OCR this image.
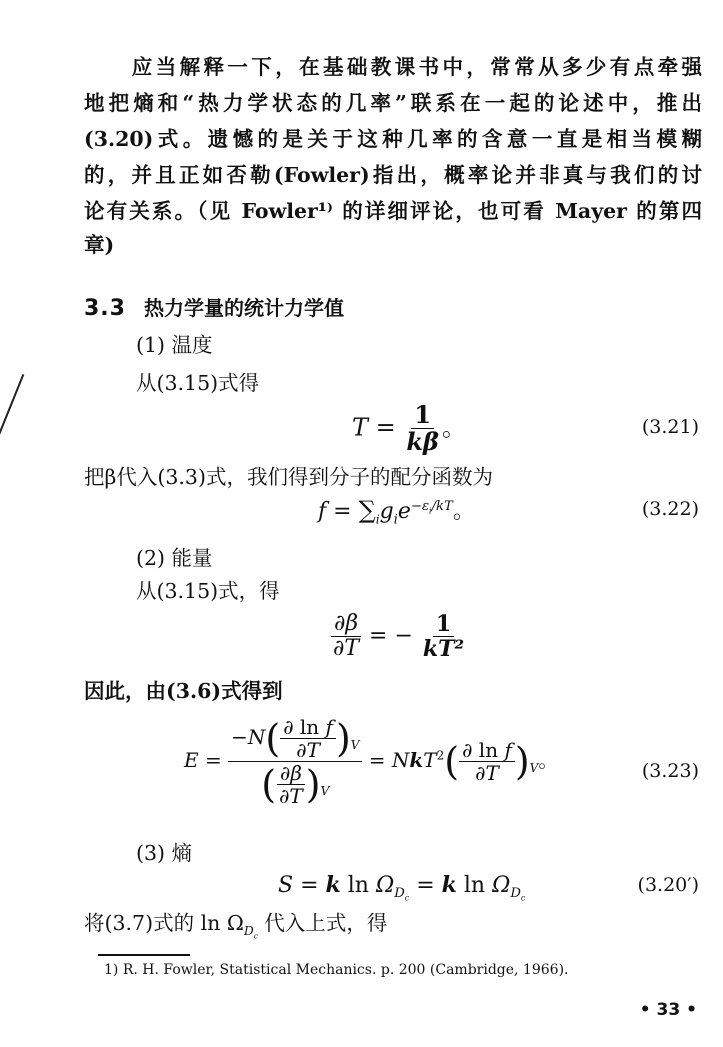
　　应当解释一下，在基础教课书中，常常从多少有点牵强
地把熵和“热力学状态的几率”联系在一起的论述中，推出
(3.20)式。遗憾的是关于这种几率的含意一直是相当模糊
的，并且正如否勒(Fowler)指出，概率论并非真与我们的讨
论有关系。（见 Fowler¹⁾ 的详细评论，也可看 Mayer 的第四
章)
3.3 热力学量的统计力学值
(1) 温度
从(3.15)式得
$T = \frac{1}{k\beta}$ 。	(3.21)
把β代入(3.3)式，我们得到分子的配分函数为
$f = \sum_ig_ie^{-\varepsilon_i/kT}$。	(3.22)
(2) 能量
从(3.15)式，得
$\frac{\partial\beta}{\partial T}$ = − $\frac{1}{\text{kT²}}$
因此，由(3.6)式得到
$E = \frac{-N( \frac{\text{∂ ln f}}{\partial T} )_V}{( \frac{\partial\beta}{\partial T} )_V} = NkT^2( \frac{\text{∂ ln f}}{\partial T} )_V$。	(3.23)
(3) 熵
S = k $\ln \Omega_{D_c} = k$ $\ln \Omega_{D_c}$
(3.20′)
将(3.7)式的 $\ln \Omega_{D_c}$ 代入上式，得
1) R. H. Fowler, Statistical Mechanics. p. 200 (Cambridge, 1966).
• 33 •
